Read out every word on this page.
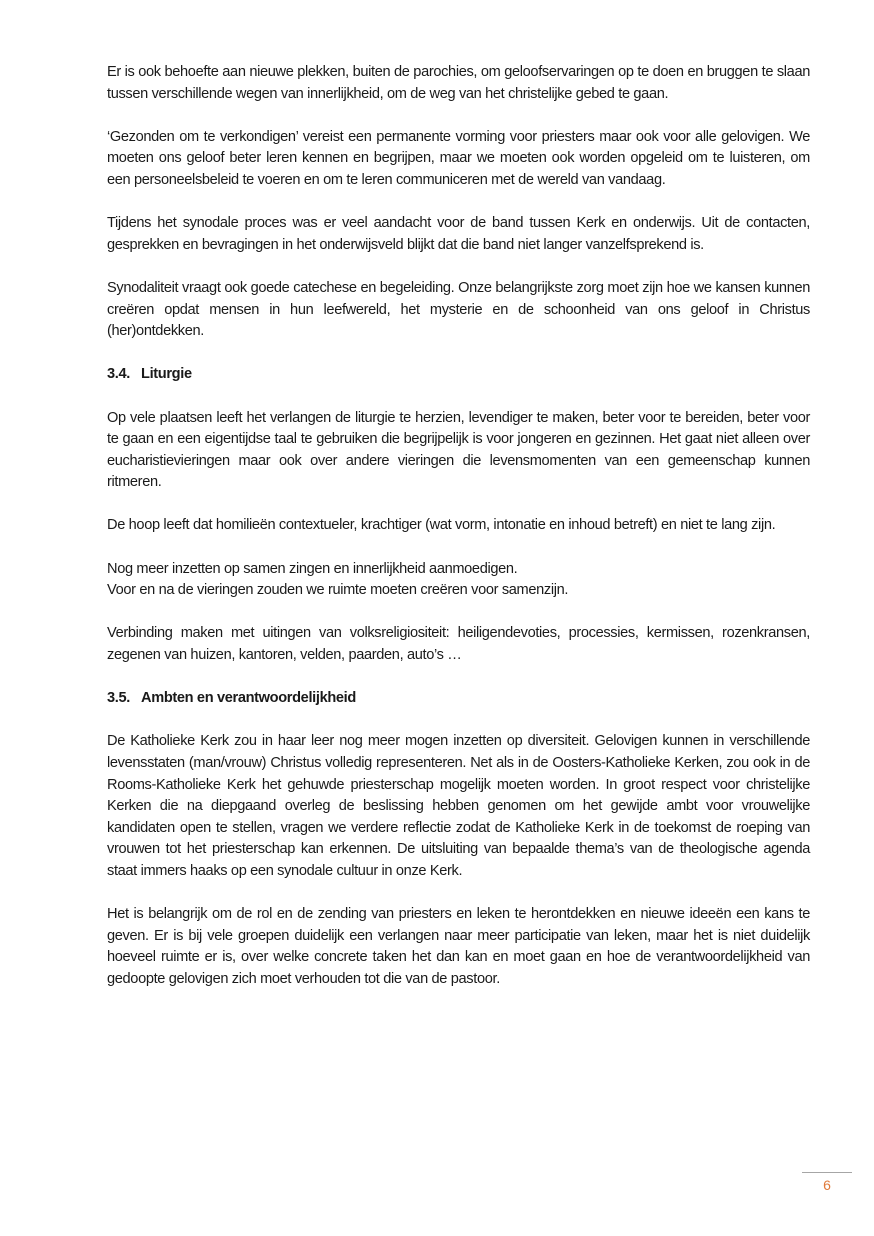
Er is ook behoefte aan nieuwe plekken, buiten de parochies, om geloofservaringen op te doen en bruggen te slaan tussen verschillende wegen van innerlijkheid, om de weg van het christelijke gebed te gaan.

‘Gezonden om te verkondigen’ vereist een permanente vorming voor priesters maar ook voor alle gelovigen. We moeten ons geloof beter leren kennen en begrijpen, maar we moeten ook worden opgeleid om te luisteren, om een personeelsbeleid te voeren en om te leren communiceren met de wereld van vandaag.

Tijdens het synodale proces was er veel aandacht voor de band tussen Kerk en onderwijs. Uit de contacten, gesprekken en bevragingen in het onderwijsveld blijkt dat die band niet langer vanzelfsprekend is.

Synodaliteit vraagt ook goede catechese en begeleiding. Onze belangrijkste zorg moet zijn hoe we kansen kunnen creëren opdat mensen in hun leefwereld, het mysterie en de schoonheid van ons geloof in Christus (her)ontdekken.

3.4. Liturgie

Op vele plaatsen leeft het verlangen de liturgie te herzien, levendiger te maken, beter voor te bereiden, beter voor te gaan en een eigentijdse taal te gebruiken die begrijpelijk is voor jongeren en gezinnen. Het gaat niet alleen over eucharistievieringen maar ook over andere vieringen die levensmomenten van een gemeenschap kunnen ritmeren.

De hoop leeft dat homilieën contextueler, krachtiger (wat vorm, intonatie en inhoud betreft) en niet te lang zijn.

Nog meer inzetten op samen zingen en innerlijkheid aanmoedigen.

Voor en na de vieringen zouden we ruimte moeten creëren voor samenzijn.

Verbinding maken met uitingen van volksreligiositeit: heiligendevoties, processies, kermissen, rozenkransen, zegenen van huizen, kantoren, velden, paarden, auto’s …

3.5. Ambten en verantwoordelijkheid

De Katholieke Kerk zou in haar leer nog meer mogen inzetten op diversiteit. Gelovigen kunnen in verschillende levensstaten (man/vrouw) Christus volledig representeren. Net als in de Oosters-Katholieke Kerken, zou ook in de Rooms-Katholieke Kerk het gehuwde priesterschap mogelijk moeten worden. In groot respect voor christelijke Kerken die na diepgaand overleg de beslissing hebben genomen om het gewijde ambt voor vrouwelijke kandidaten open te stellen, vragen we verdere reflectie zodat de Katholieke Kerk in de toekomst de roeping van vrouwen tot het priesterschap kan erkennen. De uitsluiting van bepaalde thema’s van de theologische agenda staat immers haaks op een synodale cultuur in onze Kerk.

Het is belangrijk om de rol en de zending van priesters en leken te herontdekken en nieuwe ideeën een kans te geven. Er is bij vele groepen duidelijk een verlangen naar meer participatie van leken, maar het is niet duidelijk hoeveel ruimte er is, over welke concrete taken het dan kan en moet gaan en hoe de verantwoordelijkheid van gedoopte gelovigen zich moet verhouden tot die van de pastoor.

6
